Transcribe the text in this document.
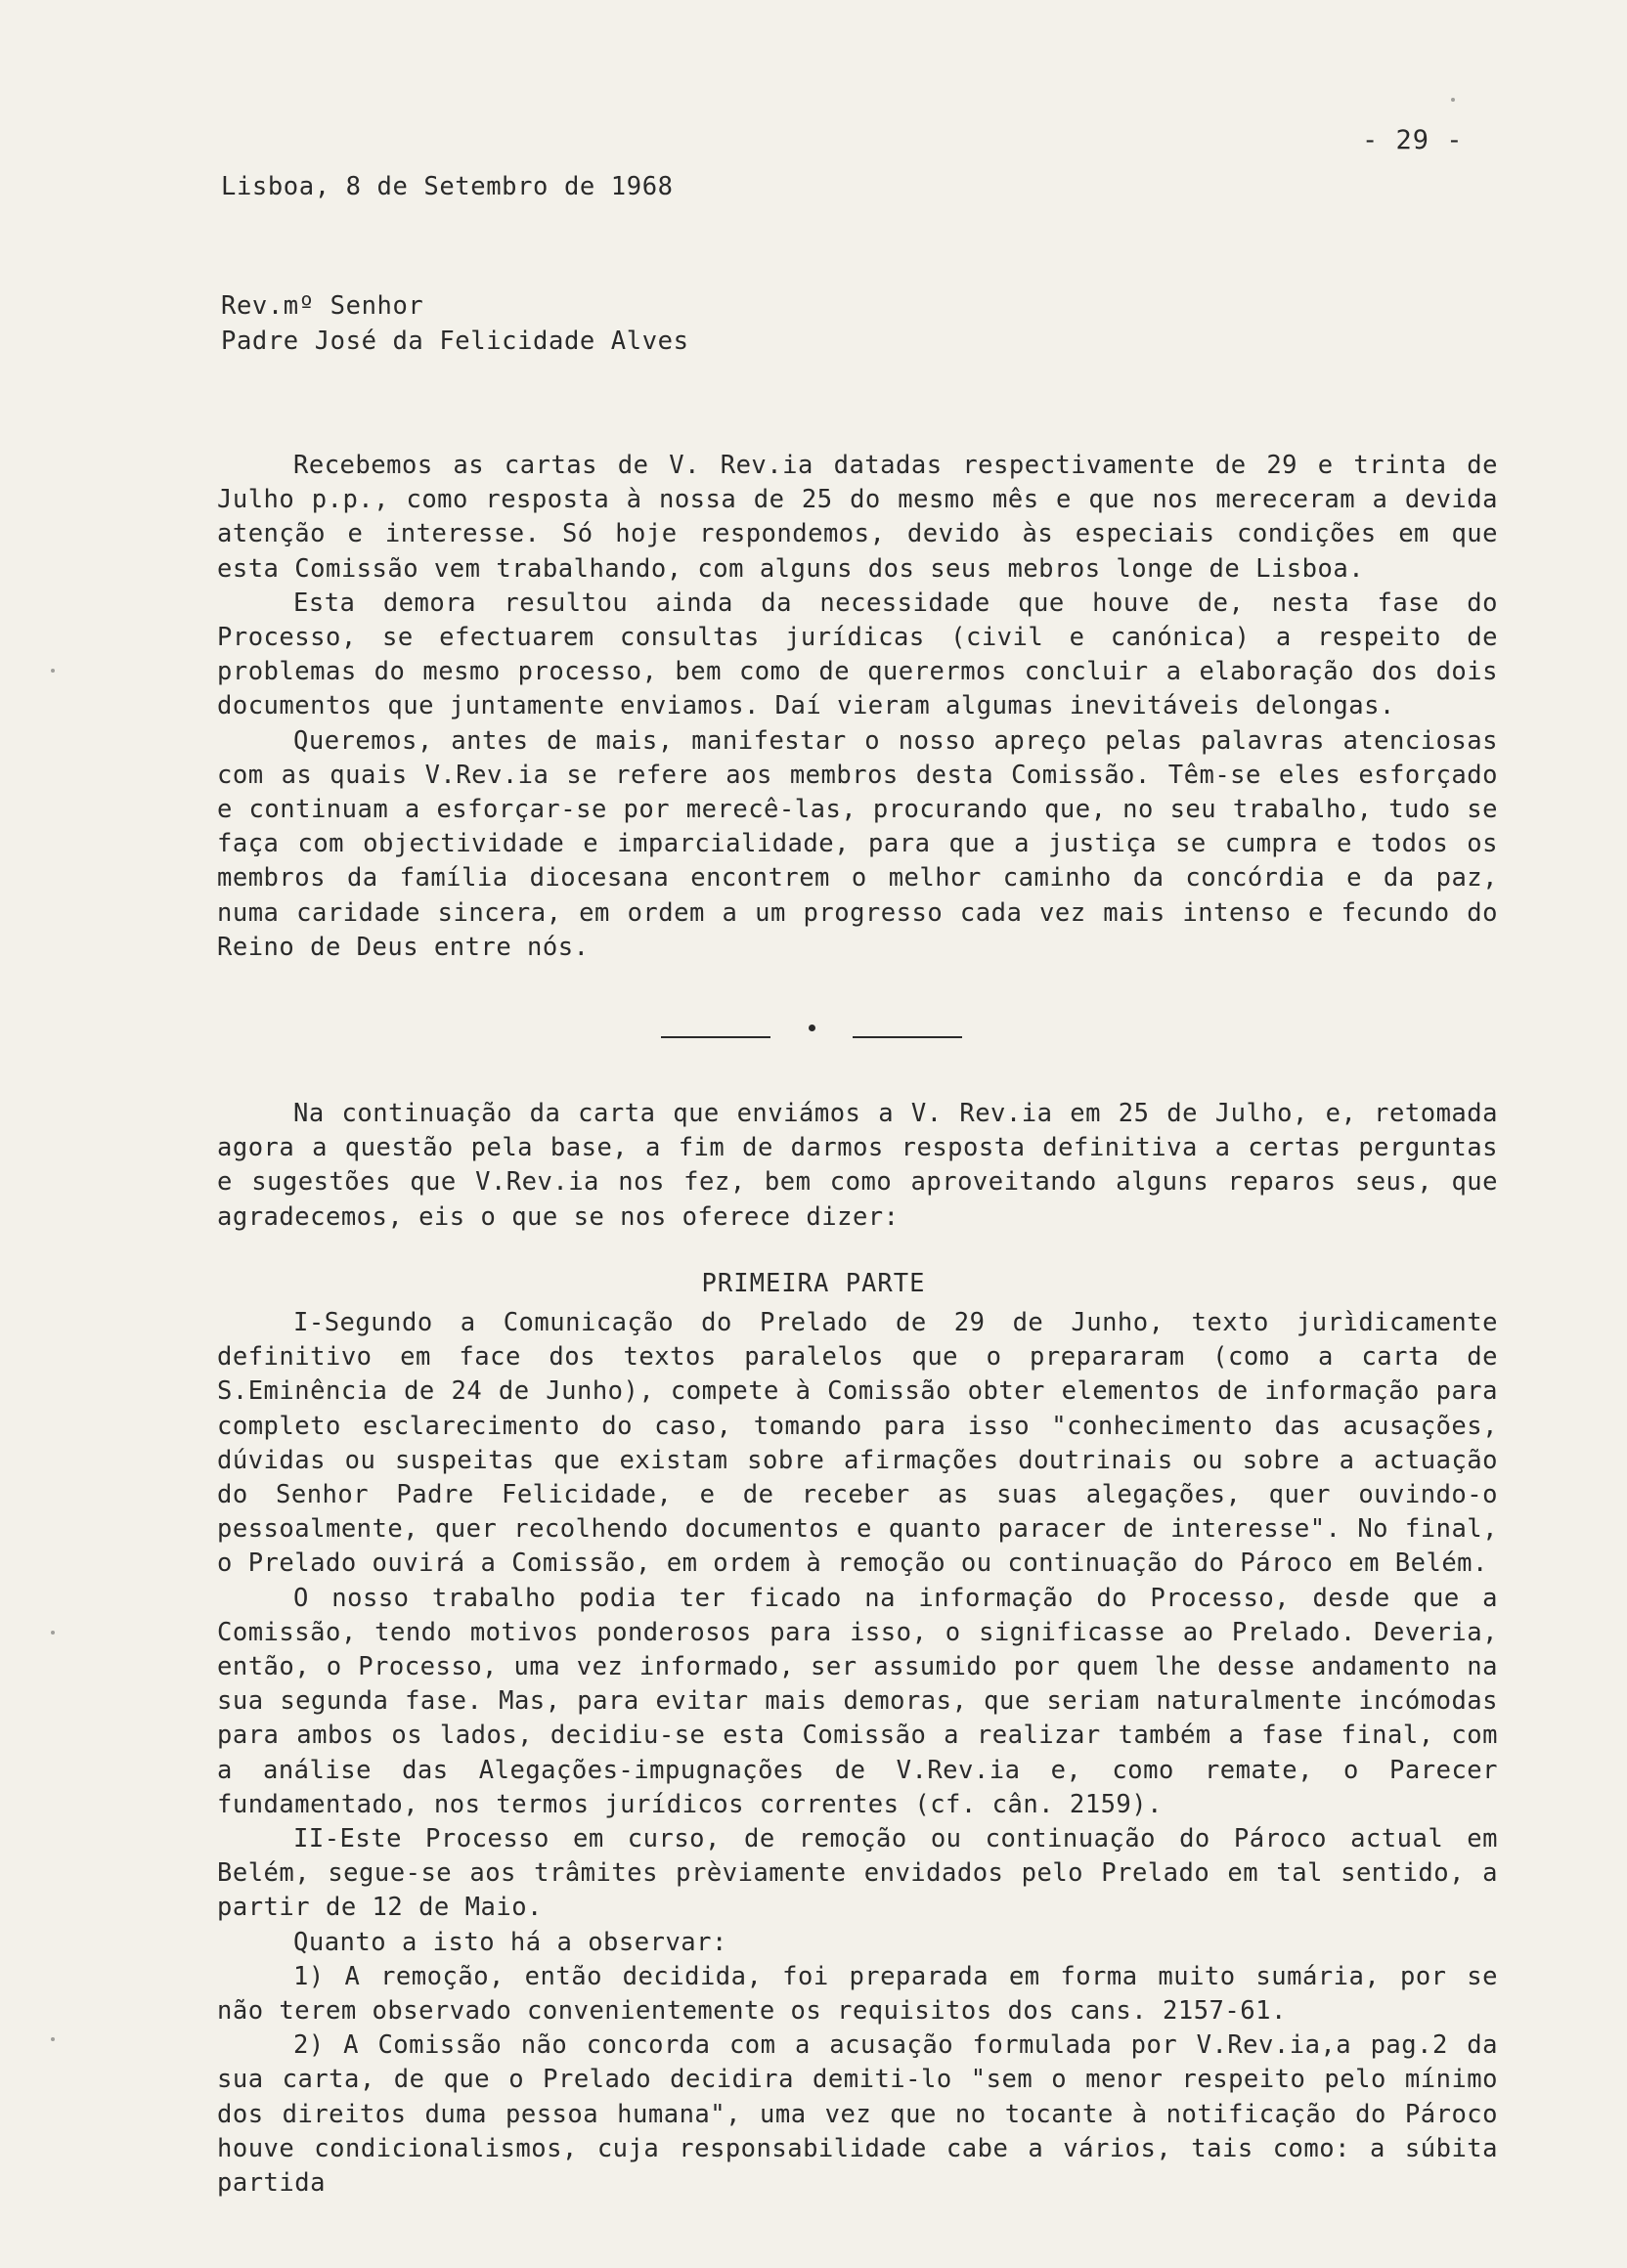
- 29 -
Lisboa, 8 de Setembro de 1968
Rev.mº Senhor
Padre José da Felicidade Alves

Recebemos as cartas de V. Rev.ia datadas respectivamente de 29 e trinta de Julho p.p., como resposta à nossa de 25 do mesmo mês e que nos mereceram a devida atenção e interesse. Só hoje respondemos, devido às especiais condições em que esta Comissão vem trabalhando, com alguns dos seus mebros longe de Lisboa.

Esta demora resultou ainda da necessidade que houve de, nesta fase do Processo, se efectuarem consultas jurídicas (civil e canónica) a respeito de problemas do mesmo processo, bem como de querermos concluir a elaboração dos dois documentos que juntamente enviamos. Daí vieram algumas inevitáveis delongas.

Queremos, antes de mais, manifestar o nosso apreço pelas palavras atenciosas com as quais V.Rev.ia se refere aos membros desta Comissão. Têm-se eles esforçado e continuam a esforçar-se por merecê-las, procurando que, no seu trabalho, tudo se faça com objectividade e imparcialidade, para que a justiça se cumpra e todos os membros da família diocesana encontrem o melhor caminho da concórdia e da paz, numa caridade sincera, em ordem a um progresso cada vez mais intenso e fecundo do Reino de Deus entre nós.

Na continuação da carta que enviámos a V. Rev.ia em 25 de Julho, e, retomada agora a questão pela base, a fim de darmos resposta definitiva a certas perguntas e sugestões que V.Rev.ia nos fez, bem como aproveitando alguns reparos seus, que agradecemos, eis o que se nos oferece dizer:

PRIMEIRA PARTE

I-Segundo a Comunicação do Prelado de 29 de Junho, texto jurìdicamente definitivo em face dos textos paralelos que o prepararam (como a carta de S.Eminência de 24 de Junho), compete à Comissão obter elementos de informação para completo esclarecimento do caso, tomando para isso "conhecimento das acusações, dúvidas ou suspeitas que existam sobre afirmações doutrinais ou sobre a actuação do Senhor Padre Felicidade, e de receber as suas alegações, quer ouvindo-o pessoalmente, quer recolhendo documentos e quanto paracer de interesse". No final, o Prelado ouvirá a Comissão, em ordem à remoção ou continuação do Pároco em Belém.

O nosso trabalho podia ter ficado na informação do Processo, desde que a Comissão, tendo motivos ponderosos para isso, o significasse ao Prelado. Deveria, então, o Processo, uma vez informado, ser assumido por quem lhe desse andamento na sua segunda fase. Mas, para evitar mais demoras, que seriam naturalmente incómodas para ambos os lados, decidiu-se esta Comissão a realizar também a fase final, com a análise das Alegações-impugnações de V.Rev.ia e, como remate, o Parecer fundamentado, nos termos jurídicos correntes (cf. cân. 2159).

II-Este Processo em curso, de remoção ou continuação do Pároco actual em Belém, segue-se aos trâmites prèviamente envidados pelo Prelado em tal sentido, a partir de 12 de Maio.

Quanto a isto há a observar:

1) A remoção, então decidida, foi preparada em forma muito sumária, por se não terem observado convenientemente os requisitos dos cans. 2157-61.

2) A Comissão não concorda com a acusação formulada por V.Rev.ia,a pag.2 da sua carta, de que o Prelado decidira demiti-lo "sem o menor respeito pelo mínimo dos direitos duma pessoa humana", uma vez que no tocante à notificação do Pároco houve condicionalismos, cuja responsabilidade cabe a vários, tais como: a súbita partida
